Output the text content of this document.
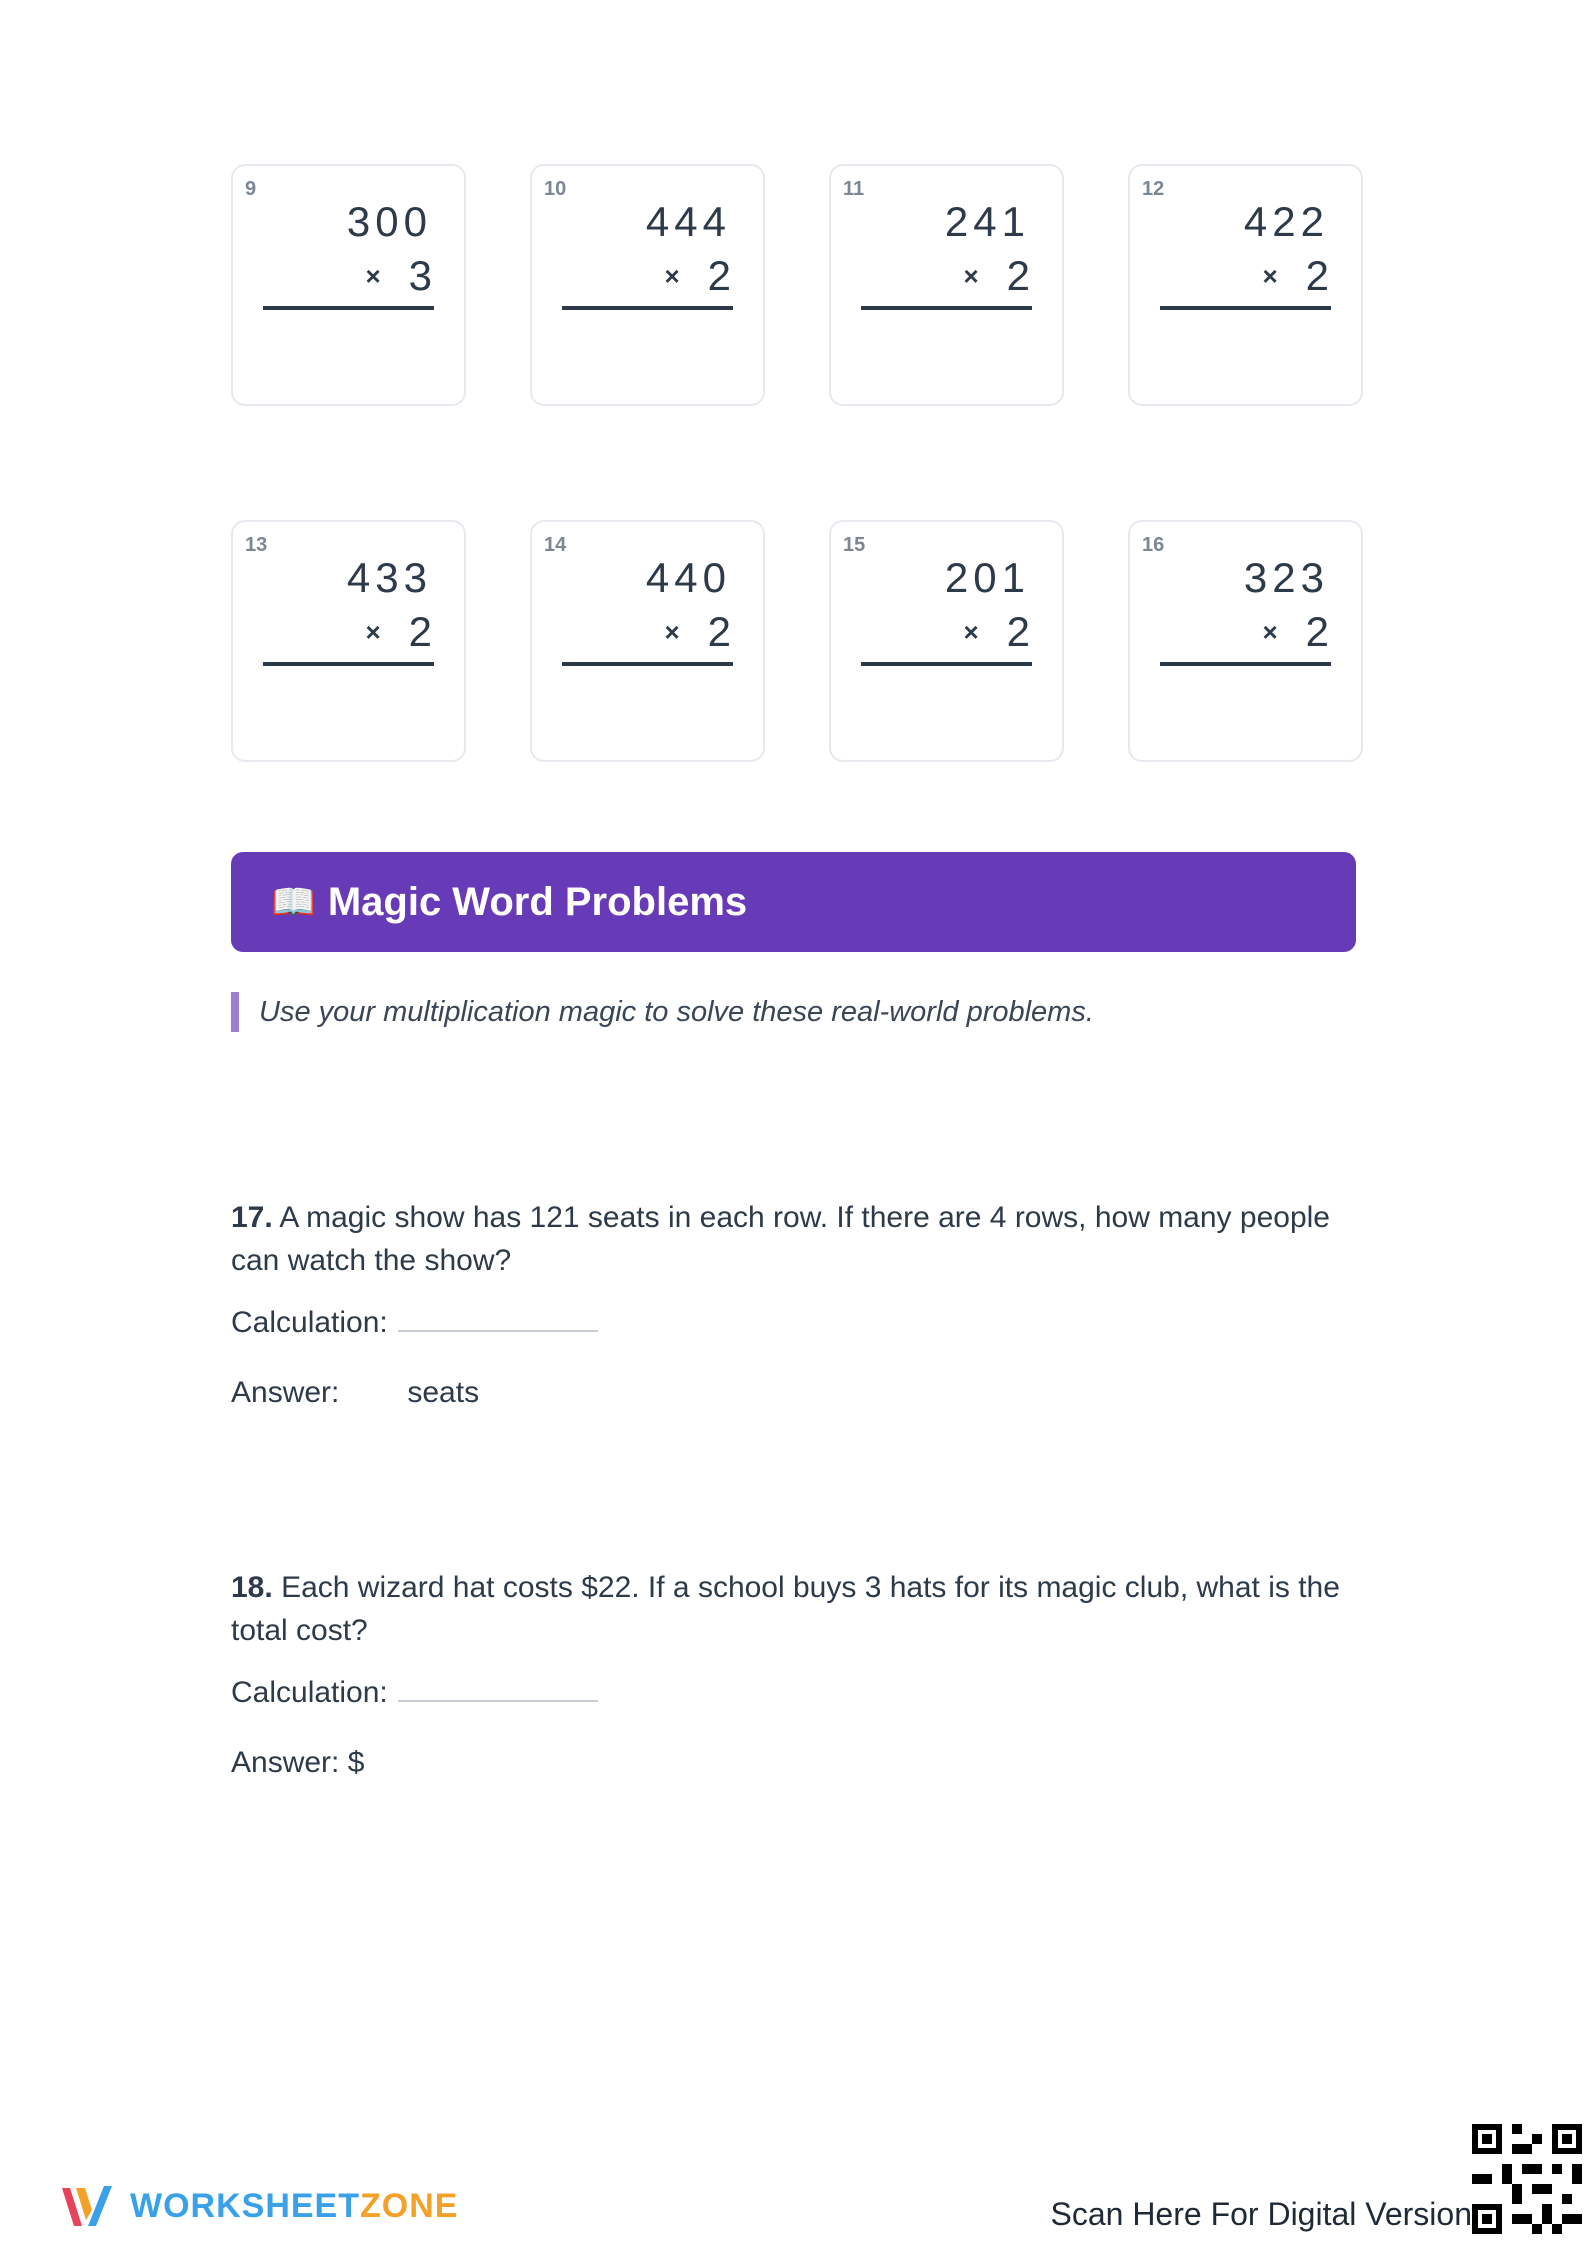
9
300
× 3
10
444
× 2
11
241
× 2
12
422
× 2
13
433
× 2
14
440
× 2
15
201
× 2
16
323
× 2
📖 Magic Word Problems
Use your multiplication magic to solve these real-world problems.
17. A magic show has 121 seats in each row. If there are 4 rows, how many people can watch the show?
Calculation:
Answer: seats
18. Each wizard hat costs $22. If a school buys 3 hats for its magic club, what is the total cost?
Calculation:
Answer: $
WORKSHEETZONE	Scan Here For Digital Version
